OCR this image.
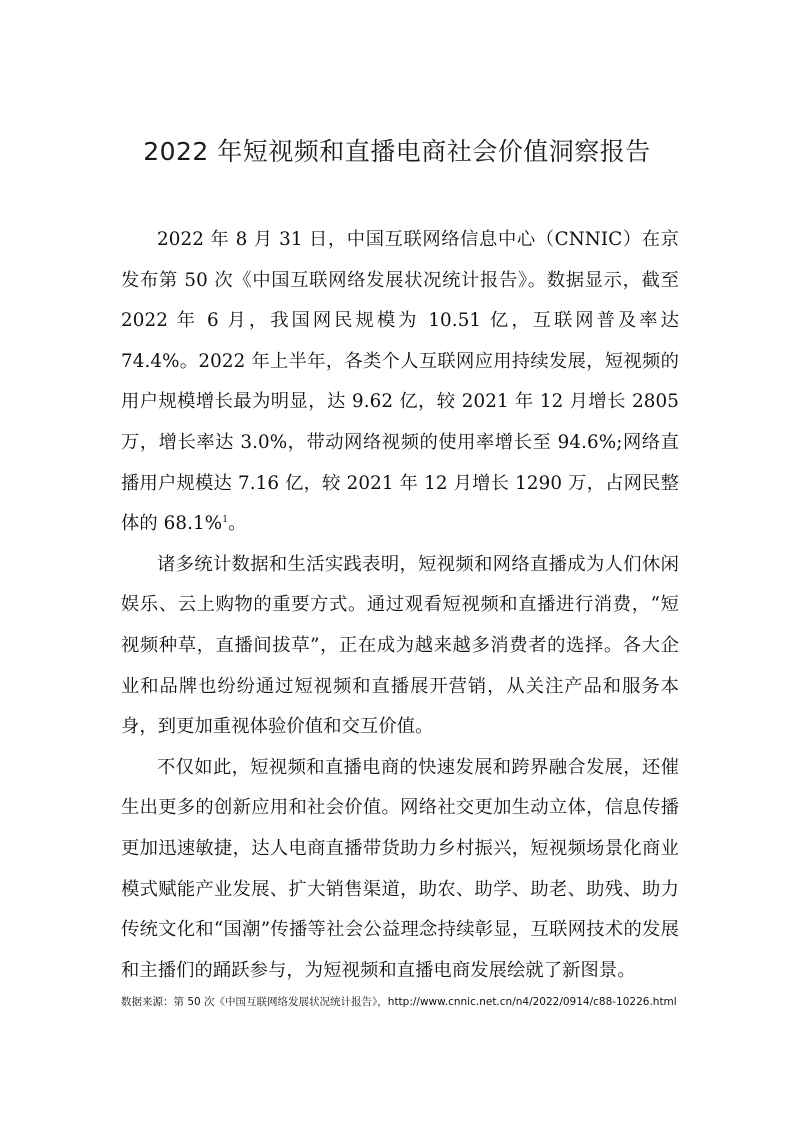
2022 年短视频和直播电商社会价值洞察报告

2022 年 8 月 31 日，中国互联网络信息中心（CNNIC）在京发布第 50 次《中国互联网络发展状况统计报告》。数据显示，截至 2022 年 6 月，我国网民规模为 10.51 亿，互联网普及率达 74.4%。2022 年上半年，各类个人互联网应用持续发展，短视频的用户规模增长最为明显，达 9.62 亿，较 2021 年 12 月增长 2805 万，增长率达 3.0%，带动网络视频的使用率增长至 94.6%;网络直播用户规模达 7.16 亿，较 2021 年 12 月增长 1290 万，占网民整体的 68.1%$^1$。

诸多统计数据和生活实践表明，短视频和网络直播成为人们休闲娱乐、云上购物的重要方式。通过观看短视频和直播进行消费，“短视频种草，直播间拔草”，正在成为越来越多消费者的选择。各大企业和品牌也纷纷通过短视频和直播展开营销，从关注产品和服务本身，到更加重视体验价值和交互价值。

不仅如此，短视频和直播电商的快速发展和跨界融合发展，还催生出更多的创新应用和社会价值。网络社交更加生动立体，信息传播更加迅速敏捷，达人电商直播带货助力乡村振兴，短视频场景化商业模式赋能产业发展、扩大销售渠道，助农、助学、助老、助残、助力传统文化和“国潮”传播等社会公益理念持续彰显，互联网技术的发展和主播们的踊跃参与，为短视频和直播电商发展绘就了新图景。

数据来源：第 50 次《中国互联网络发展状况统计报告》，http://www.cnnic.net.cn/n4/2022/0914/c88-10226.html
